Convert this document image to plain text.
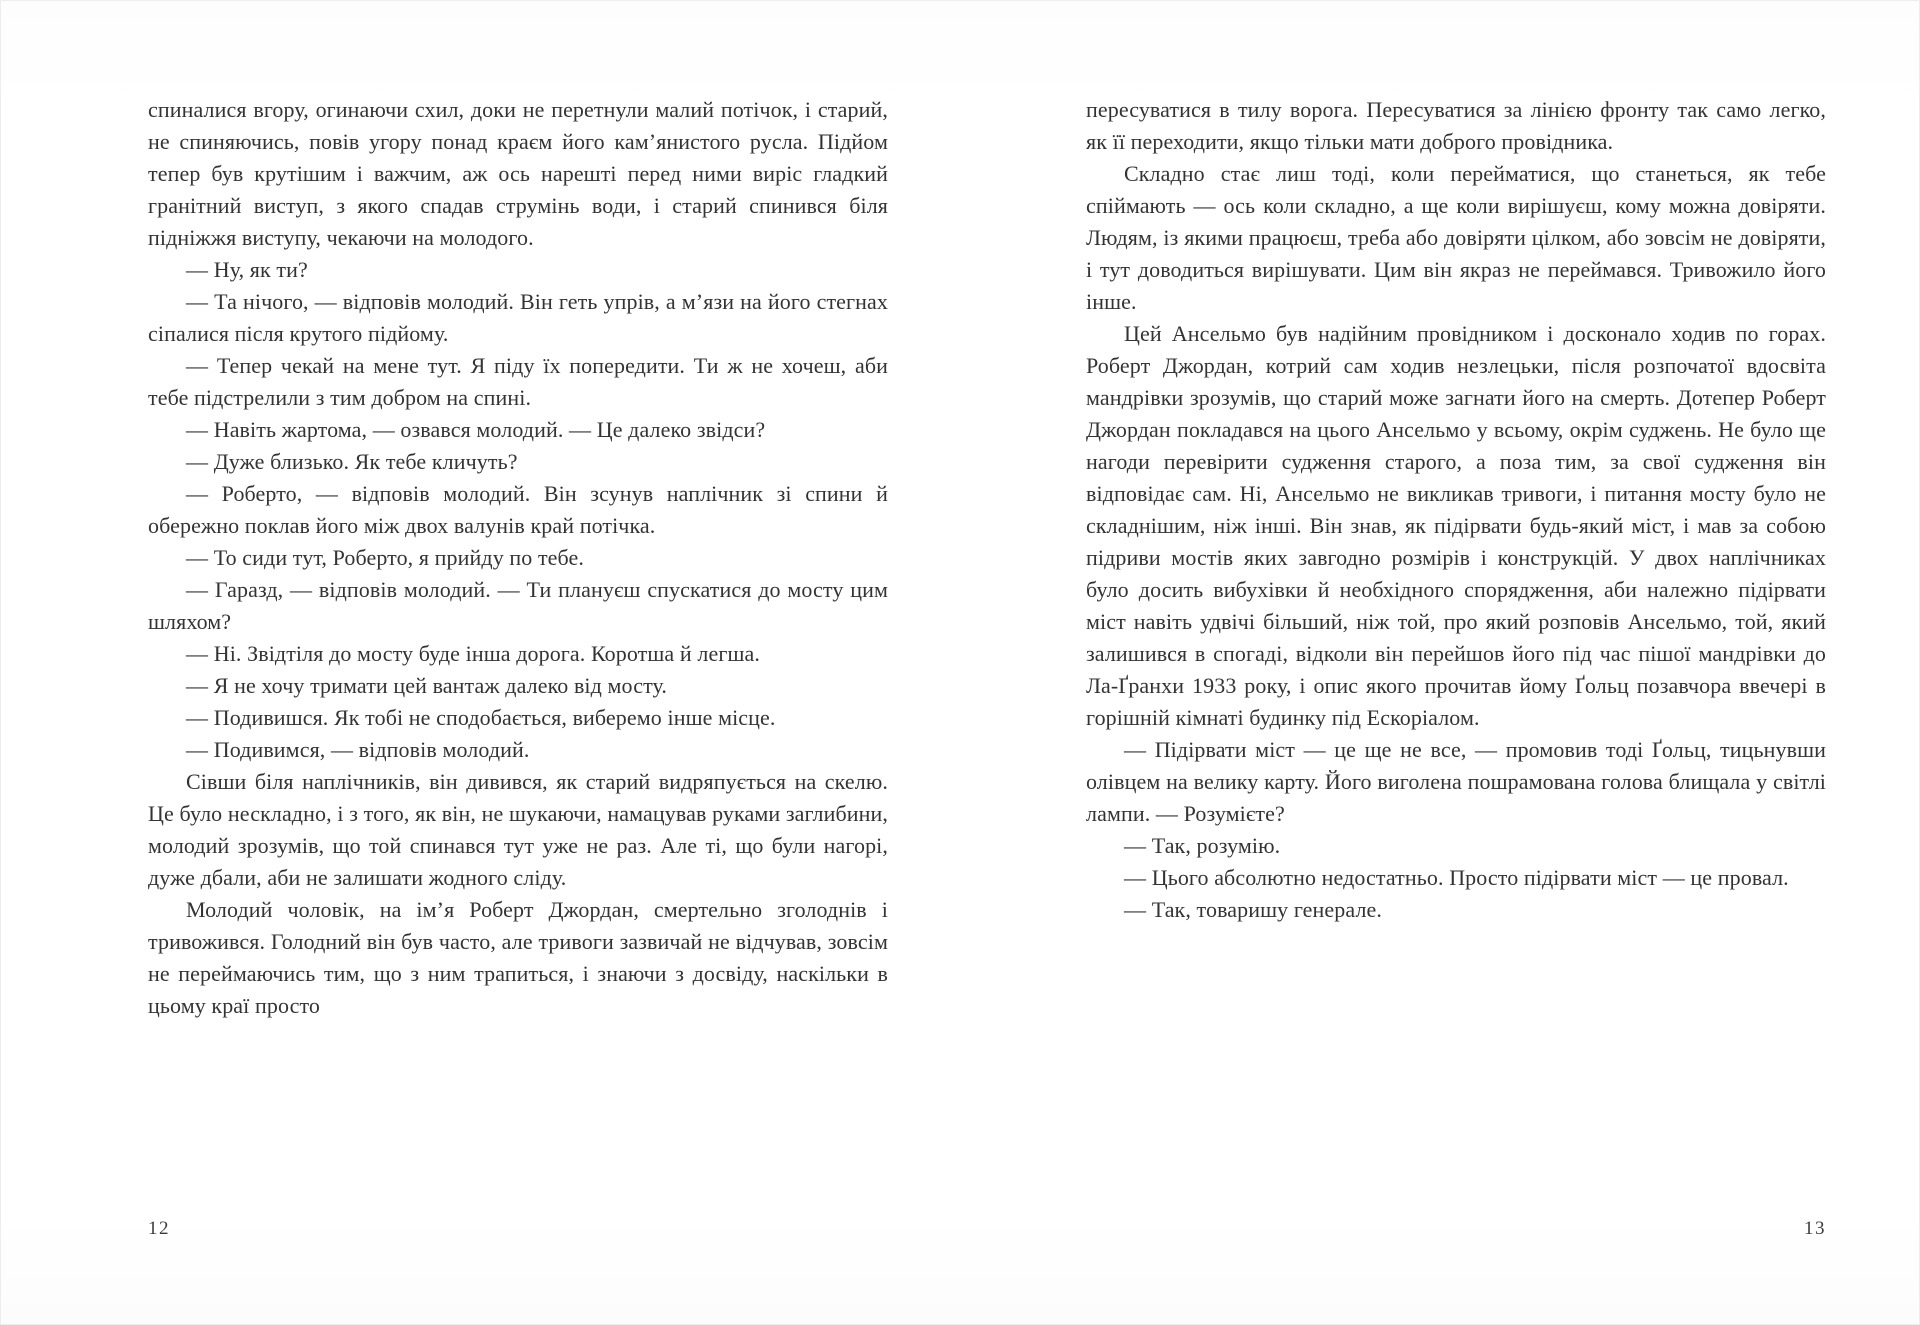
спиналися вгору, огинаючи схил, доки не перетнули малий потічок, і старий, не спиняючись, повів угору понад краєм його кам’янистого русла. Підйом тепер був крутішим і важчим, аж ось нарешті перед ними виріс гладкий гранітний виступ, з якого спадав струмінь води, і старий спинився біля підніжжя виступу, чекаючи на молодого.

— Ну, як ти?

— Та нічого, — відповів молодий. Він геть упрів, а м’язи на його стегнах сіпалися після крутого підйому.

— Тепер чекай на мене тут. Я піду їх попередити. Ти ж не хочеш, аби тебе підстрелили з тим добром на спині.

— Навіть жартома, — озвався молодий. — Це далеко звідси?

— Дуже близько. Як тебе кличуть?

— Роберто, — відповів молодий. Він зсунув наплічник зі спини й обережно поклав його між двох валунів край потічка.

— То сиди тут, Роберто, я прийду по тебе.

— Гаразд, — відповів молодий. — Ти плануєш спускатися до мосту цим шляхом?

— Ні. Звідтіля до мосту буде інша дорога. Коротша й легша.

— Я не хочу тримати цей вантаж далеко від мосту.

— Подивишся. Як тобі не сподобається, виберемо інше місце.

— Подивимся, — відповів молодий.

Сівши біля наплічників, він дивився, як старий видряпується на скелю. Це було нескладно, і з того, як він, не шукаючи, намацував руками заглибини, молодий зрозумів, що той спинався тут уже не раз. Але ті, що були нагорі, дуже дбали, аби не залишати жодного сліду.

Молодий чоловік, на ім’я Роберт Джордан, смертельно зголоднів і тривожився. Голодний він був часто, але тривоги зазвичай не відчував, зовсім не переймаючись тим, що з ним трапиться, і знаючи з досвіду, наскільки в цьому краї просто

12

пересуватися в тилу ворога. Пересуватися за лінією фронту так само легко, як її переходити, якщо тільки мати доброго провідника.

Складно стає лиш тоді, коли перейматися, що станеться, як тебе спіймають — ось коли складно, а ще коли вирішуєш, кому можна довіряти. Людям, із якими працюєш, треба або довіряти цілком, або зовсім не довіряти, і тут доводиться вирішувати. Цим він якраз не переймався. Тривожило його інше.

Цей Ансельмо був надійним провідником і досконало ходив по горах. Роберт Джордан, котрий сам ходив незлецьки, після розпочатої вдосвіта мандрівки зрозумів, що старий може загнати його на смерть. Дотепер Роберт Джордан покладався на цього Ансельмо у всьому, окрім суджень. Не було ще нагоди перевірити судження старого, а поза тим, за свої судження він відповідає сам. Ні, Ансельмо не викликав тривоги, і питання мосту було не складнішим, ніж інші. Він знав, як підірвати будь-який міст, і мав за собою підриви мостів яких завгодно розмірів і конструкцій. У двох наплічниках було досить вибухівки й необхідного спорядження, аби належно підірвати міст навіть удвічі більший, ніж той, про який розповів Ансельмо, той, який залишився в спогаді, відколи він перейшов його під час пішої мандрівки до Ла-Ґранхи 1933 року, і опис якого прочитав йому Ґольц позавчора ввечері в горішній кімнаті будинку під Ескоріалом.

— Підірвати міст — це ще не все, — промовив тоді Ґольц, тицьнувши олівцем на велику карту. Його виголена пошрамована голова блищала у світлі лампи. — Розумієте?

— Так, розумію.

— Цього абсолютно недостатньо. Просто підірвати міст — це провал.

— Так, товаришу генерале.

13
